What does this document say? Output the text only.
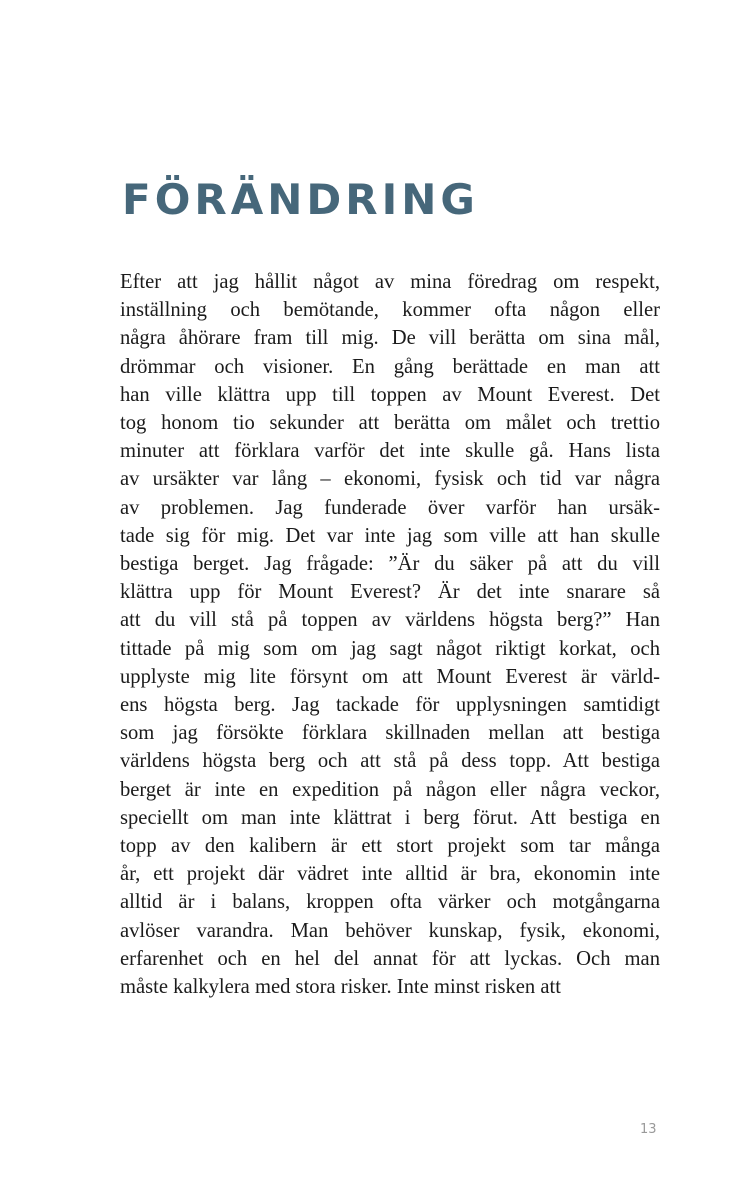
FÖRÄNDRING
Efter att jag hållit något av mina föredrag om respekt,
inställning och bemötande, kommer ofta någon eller
några åhörare fram till mig. De vill berätta om sina mål,
drömmar och visioner. En gång berättade en man att
han ville klättra upp till toppen av Mount Everest. Det
tog honom tio sekunder att berätta om målet och trettio
minuter att förklara varför det inte skulle gå. Hans lista
av ursäkter var lång – ekonomi, fysisk och tid var några
av problemen. Jag funderade över varför han ursäk-
tade sig för mig. Det var inte jag som ville att han skulle
bestiga berget. Jag frågade: ”Är du säker på att du vill
klättra upp för Mount Everest? Är det inte snarare så
att du vill stå på toppen av världens högsta berg?” Han
tittade på mig som om jag sagt något riktigt korkat, och
upplyste mig lite försynt om att Mount Everest är värld-
ens högsta berg. Jag tackade för upplysningen samtidigt
som jag försökte förklara skillnaden mellan att bestiga
världens högsta berg och att stå på dess topp. Att bestiga
berget är inte en expedition på någon eller några veckor,
speciellt om man inte klättrat i berg förut. Att bestiga en
topp av den kalibern är ett stort projekt som tar många
år, ett projekt där vädret inte alltid är bra, ekonomin inte
alltid är i balans, kroppen ofta värker och motgångarna
avlöser varandra. Man behöver kunskap, fysik, ekonomi,
erfarenhet och en hel del annat för att lyckas. Och man
måste kalkylera med stora risker. Inte minst risken att
13
